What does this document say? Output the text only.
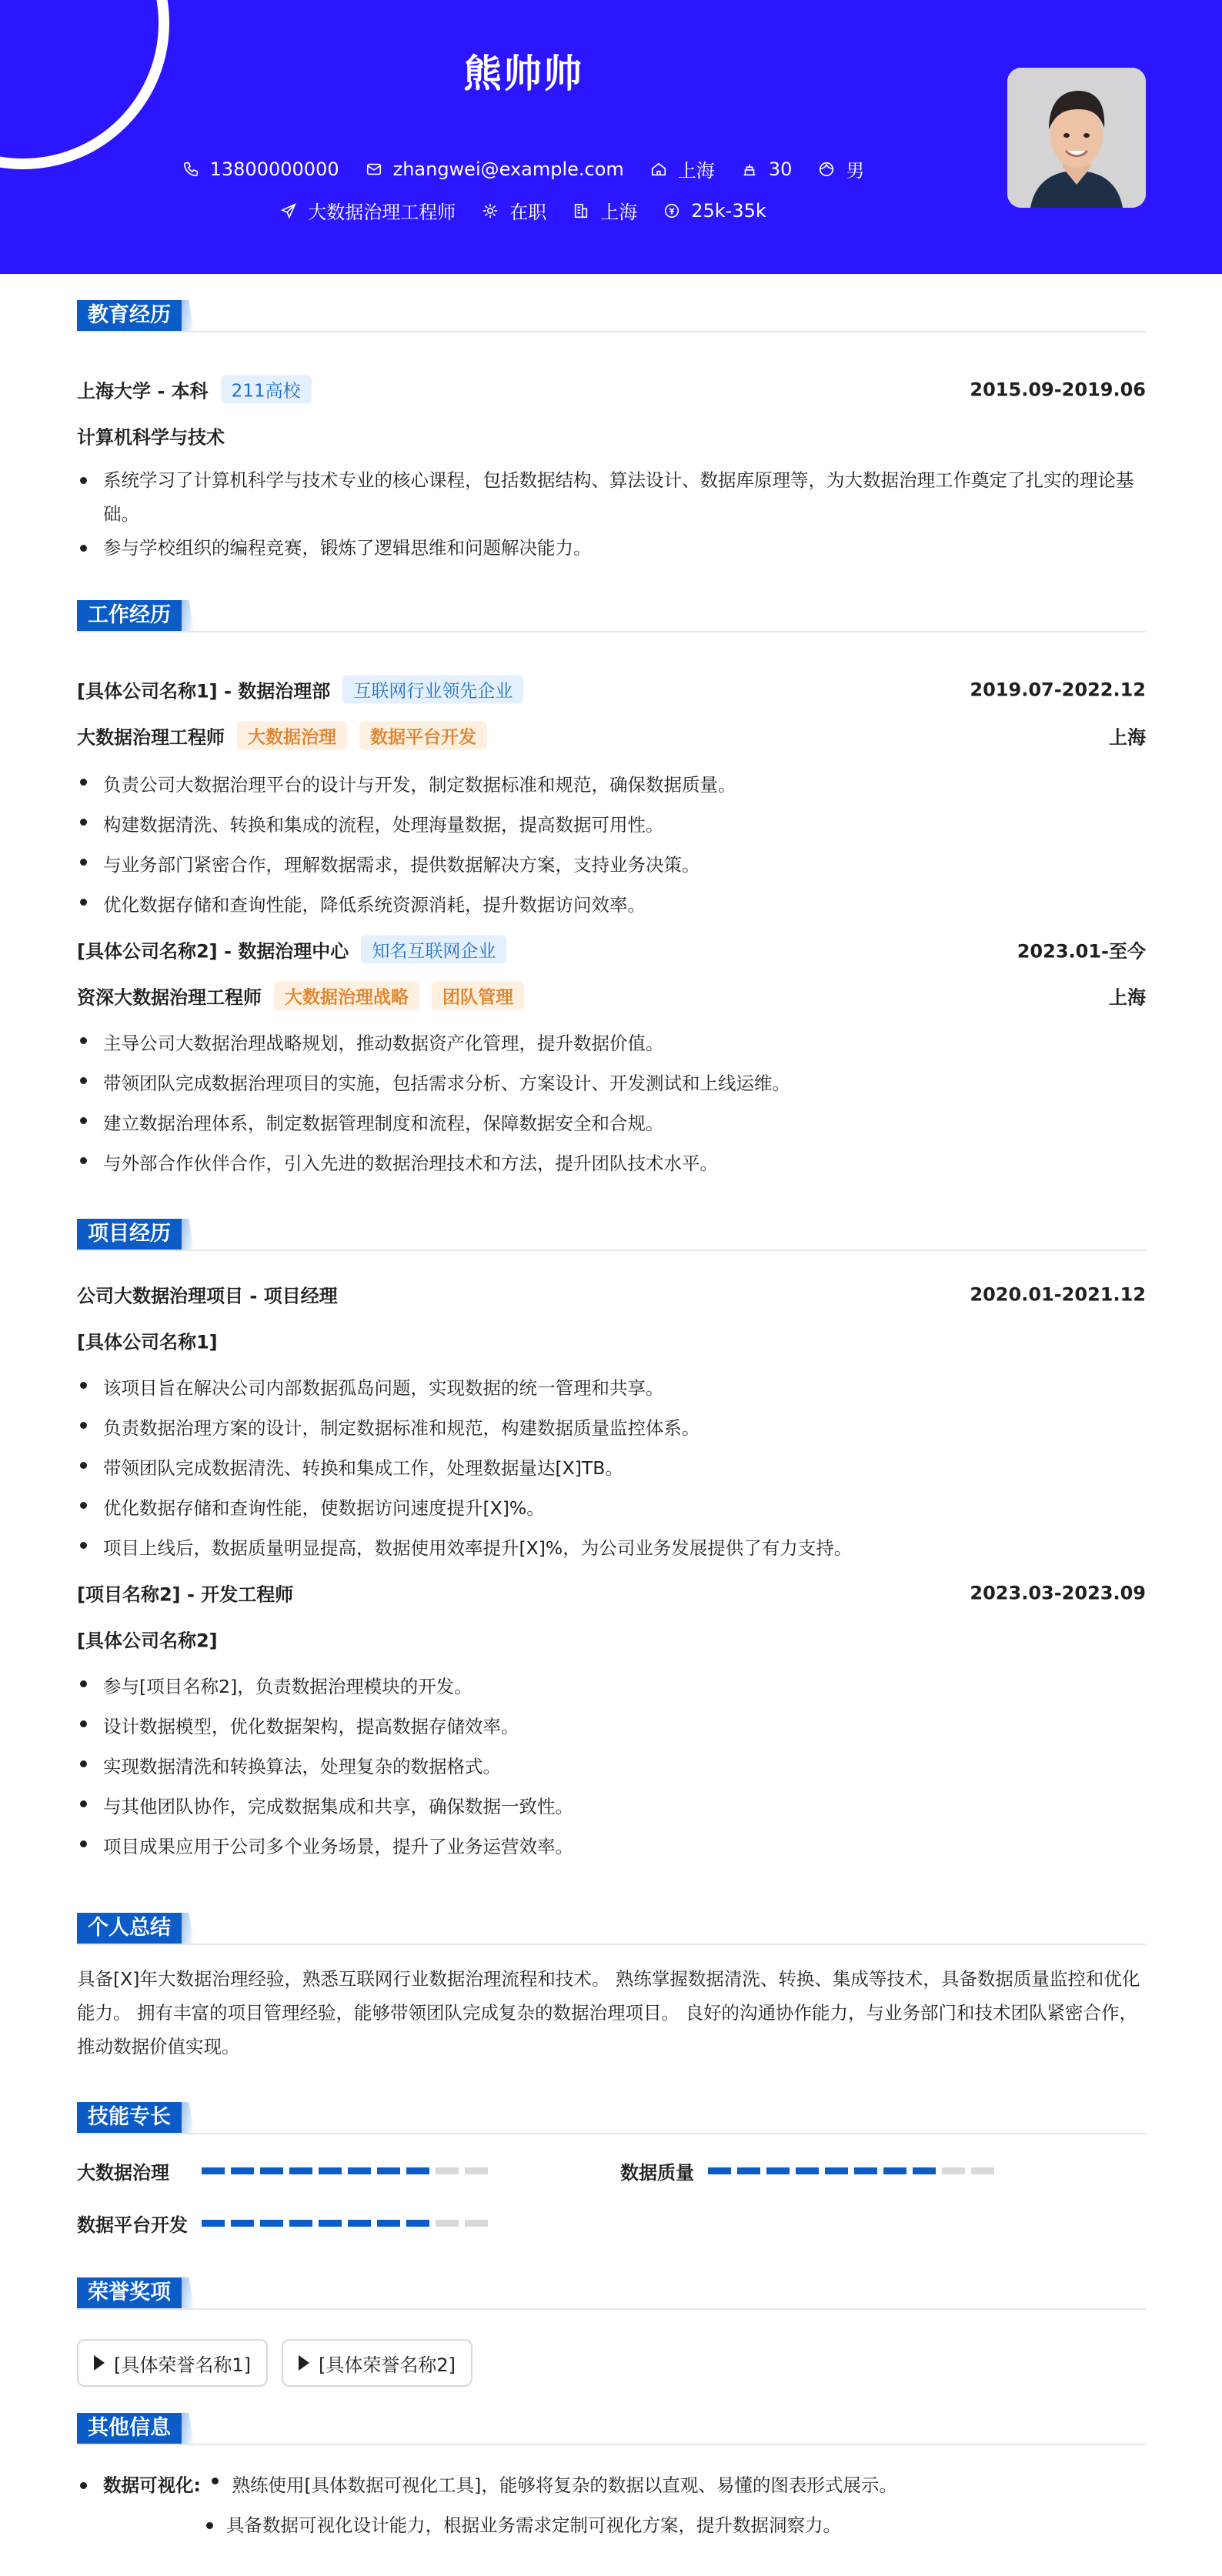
熊帅帅
13800000000	zhangwei@example.com	上海	30	男
大数据治理工程师	在职	上海	25k-35k
教育经历
上海大学 - 本科	211高校	2015.09-2019.06
计算机科学与技术
系统学习了计算机科学与技术专业的核心课程，包括数据结构、算法设计、数据库原理等，为大数据治理工作奠定了扎实的理论基础。
参与学校组织的编程竞赛，锻炼了逻辑思维和问题解决能力。
工作经历
[具体公司名称1] - 数据治理部	互联网行业领先企业	2019.07-2022.12
大数据治理工程师	大数据治理	数据平台开发	上海
负责公司大数据治理平台的设计与开发，制定数据标准和规范，确保数据质量。
构建数据清洗、转换和集成的流程，处理海量数据，提高数据可用性。
与业务部门紧密合作，理解数据需求，提供数据解决方案，支持业务决策。
优化数据存储和查询性能，降低系统资源消耗，提升数据访问效率。
[具体公司名称2] - 数据治理中心	知名互联网企业	2023.01-至今
资深大数据治理工程师	大数据治理战略	团队管理	上海
主导公司大数据治理战略规划，推动数据资产化管理，提升数据价值。
带领团队完成数据治理项目的实施，包括需求分析、方案设计、开发测试和上线运维。
建立数据治理体系，制定数据管理制度和流程，保障数据安全和合规。
与外部合作伙伴合作，引入先进的数据治理技术和方法，提升团队技术水平。
项目经历
公司大数据治理项目 - 项目经理	2020.01-2021.12
[具体公司名称1]
该项目旨在解决公司内部数据孤岛问题，实现数据的统一管理和共享。
负责数据治理方案的设计，制定数据标准和规范，构建数据质量监控体系。
带领团队完成数据清洗、转换和集成工作，处理数据量达[X]TB。
优化数据存储和查询性能，使数据访问速度提升[X]%。
项目上线后，数据质量明显提高，数据使用效率提升[X]%，为公司业务发展提供了有力支持。
[项目名称2] - 开发工程师	2023.03-2023.09
[具体公司名称2]
参与[项目名称2]，负责数据治理模块的开发。
设计数据模型，优化数据架构，提高数据存储效率。
实现数据清洗和转换算法，处理复杂的数据格式。
与其他团队协作，完成数据集成和共享，确保数据一致性。
项目成果应用于公司多个业务场景，提升了业务运营效率。
个人总结
具备[X]年大数据治理经验，熟悉互联网行业数据治理流程和技术。 熟练掌握数据清洗、转换、集成等技术，具备数据质量监控和优化能力。 拥有丰富的项目管理经验，能够带领团队完成复杂的数据治理项目。 良好的沟通协作能力，与业务部门和技术团队紧密合作，推动数据价值实现。
技能专长
大数据治理	数据质量
数据平台开发
荣誉奖项
[具体荣誉名称1]	[具体荣誉名称2]
其他信息
数据可视化: 熟练使用[具体数据可视化工具]，能够将复杂的数据以直观、易懂的图表形式展示。
具备数据可视化设计能力，根据业务需求定制可视化方案，提升数据洞察力。
